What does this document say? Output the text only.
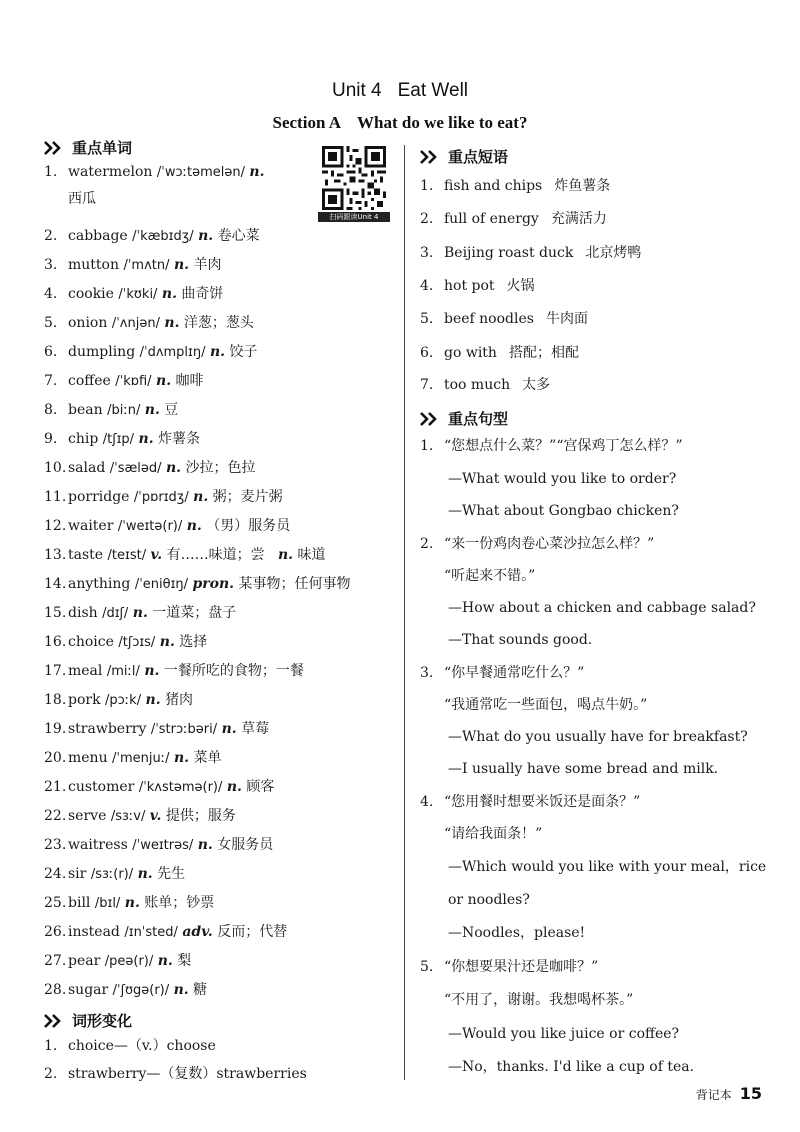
Unit 4 Eat Well
Section A What do we like to eat?
扫码跟读Unit 4
重点单词
1. watermelon /ˈwɔːtəmelən/ n.
西瓜
2. cabbage /ˈkæbɪdʒ/ n. 卷心菜
3. mutton /ˈmʌtn/ n. 羊肉
4. cookie /ˈkʊki/ n. 曲奇饼
5. onion /ˈʌnjən/ n. 洋葱；葱头
6. dumpling /ˈdʌmplɪŋ/ n. 饺子
7. coffee /ˈkɒfi/ n. 咖啡
8. bean /biːn/ n. 豆
9. chip /tʃɪp/ n. 炸薯条
10. salad /ˈsæləd/ n. 沙拉；色拉
11. porridge /ˈpɒrɪdʒ/ n. 粥；麦片粥
12. waiter /ˈweɪtə(r)/ n. （男）服务员
13. taste /teɪst/ v. 有……味道；尝 n. 味道
14. anything /ˈeniθɪŋ/ pron. 某事物；任何事物
15. dish /dɪʃ/ n. 一道菜；盘子
16. choice /tʃɔɪs/ n. 选择
17. meal /miːl/ n. 一餐所吃的食物；一餐
18. pork /pɔːk/ n. 猪肉
19. strawberry /ˈstrɔːbəri/ n. 草莓
20. menu /ˈmenjuː/ n. 菜单
21. customer /ˈkʌstəmə(r)/ n. 顾客
22. serve /sɜːv/ v. 提供；服务
23. waitress /ˈweɪtrəs/ n. 女服务员
24. sir /sɜː(r)/ n. 先生
25. bill /bɪl/ n. 账单；钞票
26. instead /ɪnˈsted/ adv. 反而；代替
27. pear /peə(r)/ n. 梨
28. sugar /ˈʃʊgə(r)/ n. 糖
词形变化
1. choice—（v.）choose
2. strawberry—（复数）strawberries
重点短语
1. fish and chips 炸鱼薯条
2. full of energy 充满活力
3. Beijing roast duck 北京烤鸭
4. hot pot 火锅
5. beef noodles 牛肉面
6. go with 搭配；相配
7. too much 太多
重点句型
1. “您想点什么菜？”“宫保鸡丁怎么样？”
—What would you like to order?
—What about Gongbao chicken?
2. “来一份鸡肉卷心菜沙拉怎么样？”
“听起来不错。”
—How about a chicken and cabbage salad?
—That sounds good.
3. “你早餐通常吃什么？”
“我通常吃一些面包，喝点牛奶。”
—What do you usually have for breakfast?
—I usually have some bread and milk.
4. “您用餐时想要米饭还是面条？”
“请给我面条！”
—Which would you like with your meal，rice
or noodles?
—Noodles，please!
5. “你想要果汁还是咖啡？”
“不用了，谢谢。我想喝杯茶。”
—Would you like juice or coffee?
—No，thanks. I'd like a cup of tea.
背记本 15
